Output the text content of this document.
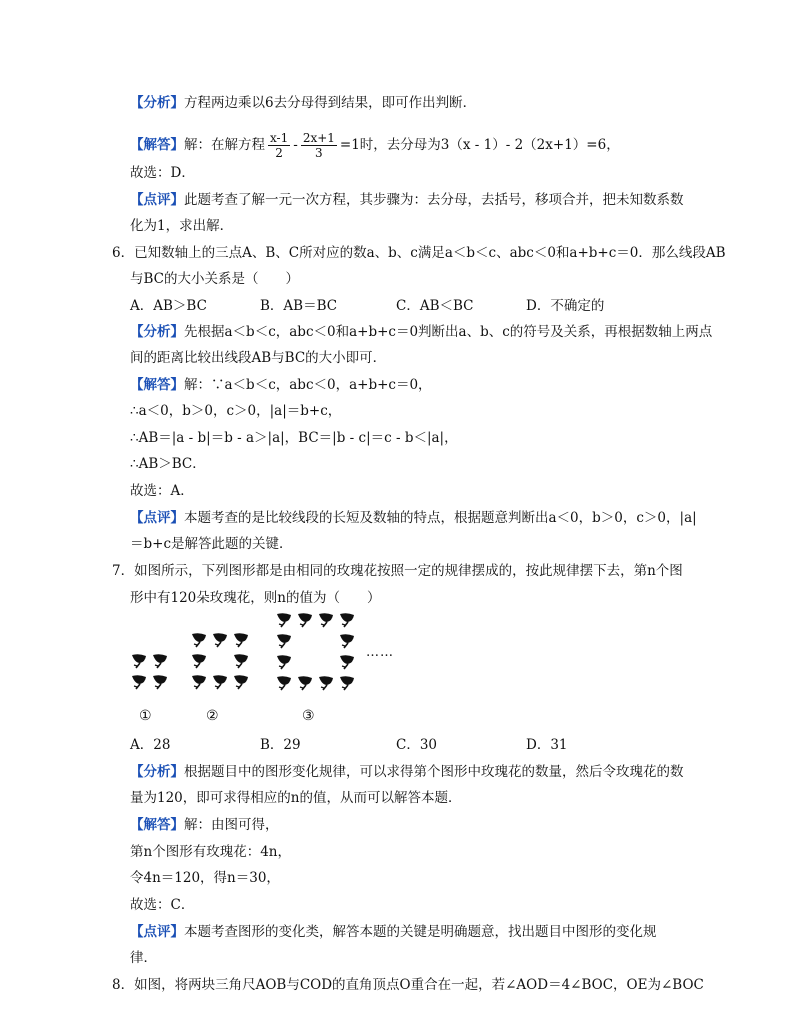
【分析】方程两边乘以6去分母得到结果，即可作出判断．
【解答】解：在解方程 $\frac{x-1}{2} - \frac{2x+1}{3} =1$时，去分母为3（x - 1）- 2（2x+1）=6，
故选：D．
【点评】此题考查了解一元一次方程，其步骤为：去分母，去括号，移项合并，把未知数系数
化为1，求出解．
6．已知数轴上的三点A、B、C所对应的数a、b、c满足a＜b＜c、abc＜0和a+b+c＝0．那么线段AB
与BC的大小关系是（　　）
A．AB＞BC	B．AB＝BC	C．AB＜BC	D．不确定的
【分析】先根据a＜b＜c，abc＜0和a+b+c＝0判断出a、b、c的符号及关系，再根据数轴上两点
间的距离比较出线段AB与BC的大小即可．
【解答】解：∵a＜b＜c，abc＜0，a+b+c＝0，
∴a＜0，b＞0，c＞0，|a|＝b+c，
∴AB＝|a - b|＝b - a＞|a|，BC＝|b - c|＝c - b＜|a|，
∴AB＞BC．
故选：A．
【点评】本题考查的是比较线段的长短及数轴的特点，根据题意判断出a＜0，b＞0，c＞0，|a|
＝b+c是解答此题的关键．
7．如图所示，下列图形都是由相同的玫瑰花按照一定的规律摆成的，按此规律摆下去，第n个图
形中有120朵玫瑰花，则n的值为（　　）
①	②	③
……
A．28	B．29	C．30	D．31
【分析】根据题目中的图形变化规律，可以求得第个图形中玫瑰花的数量，然后令玫瑰花的数
量为120，即可求得相应的n的值，从而可以解答本题．
【解答】解：由图可得，
第n个图形有玫瑰花：4n，
令4n＝120，得n＝30，
故选：C．
【点评】本题考查图形的变化类，解答本题的关键是明确题意，找出题目中图形的变化规
律．
8．如图，将两块三角尺AOB与COD的直角顶点O重合在一起，若∠AOD＝4∠BOC，OE为∠BOC
